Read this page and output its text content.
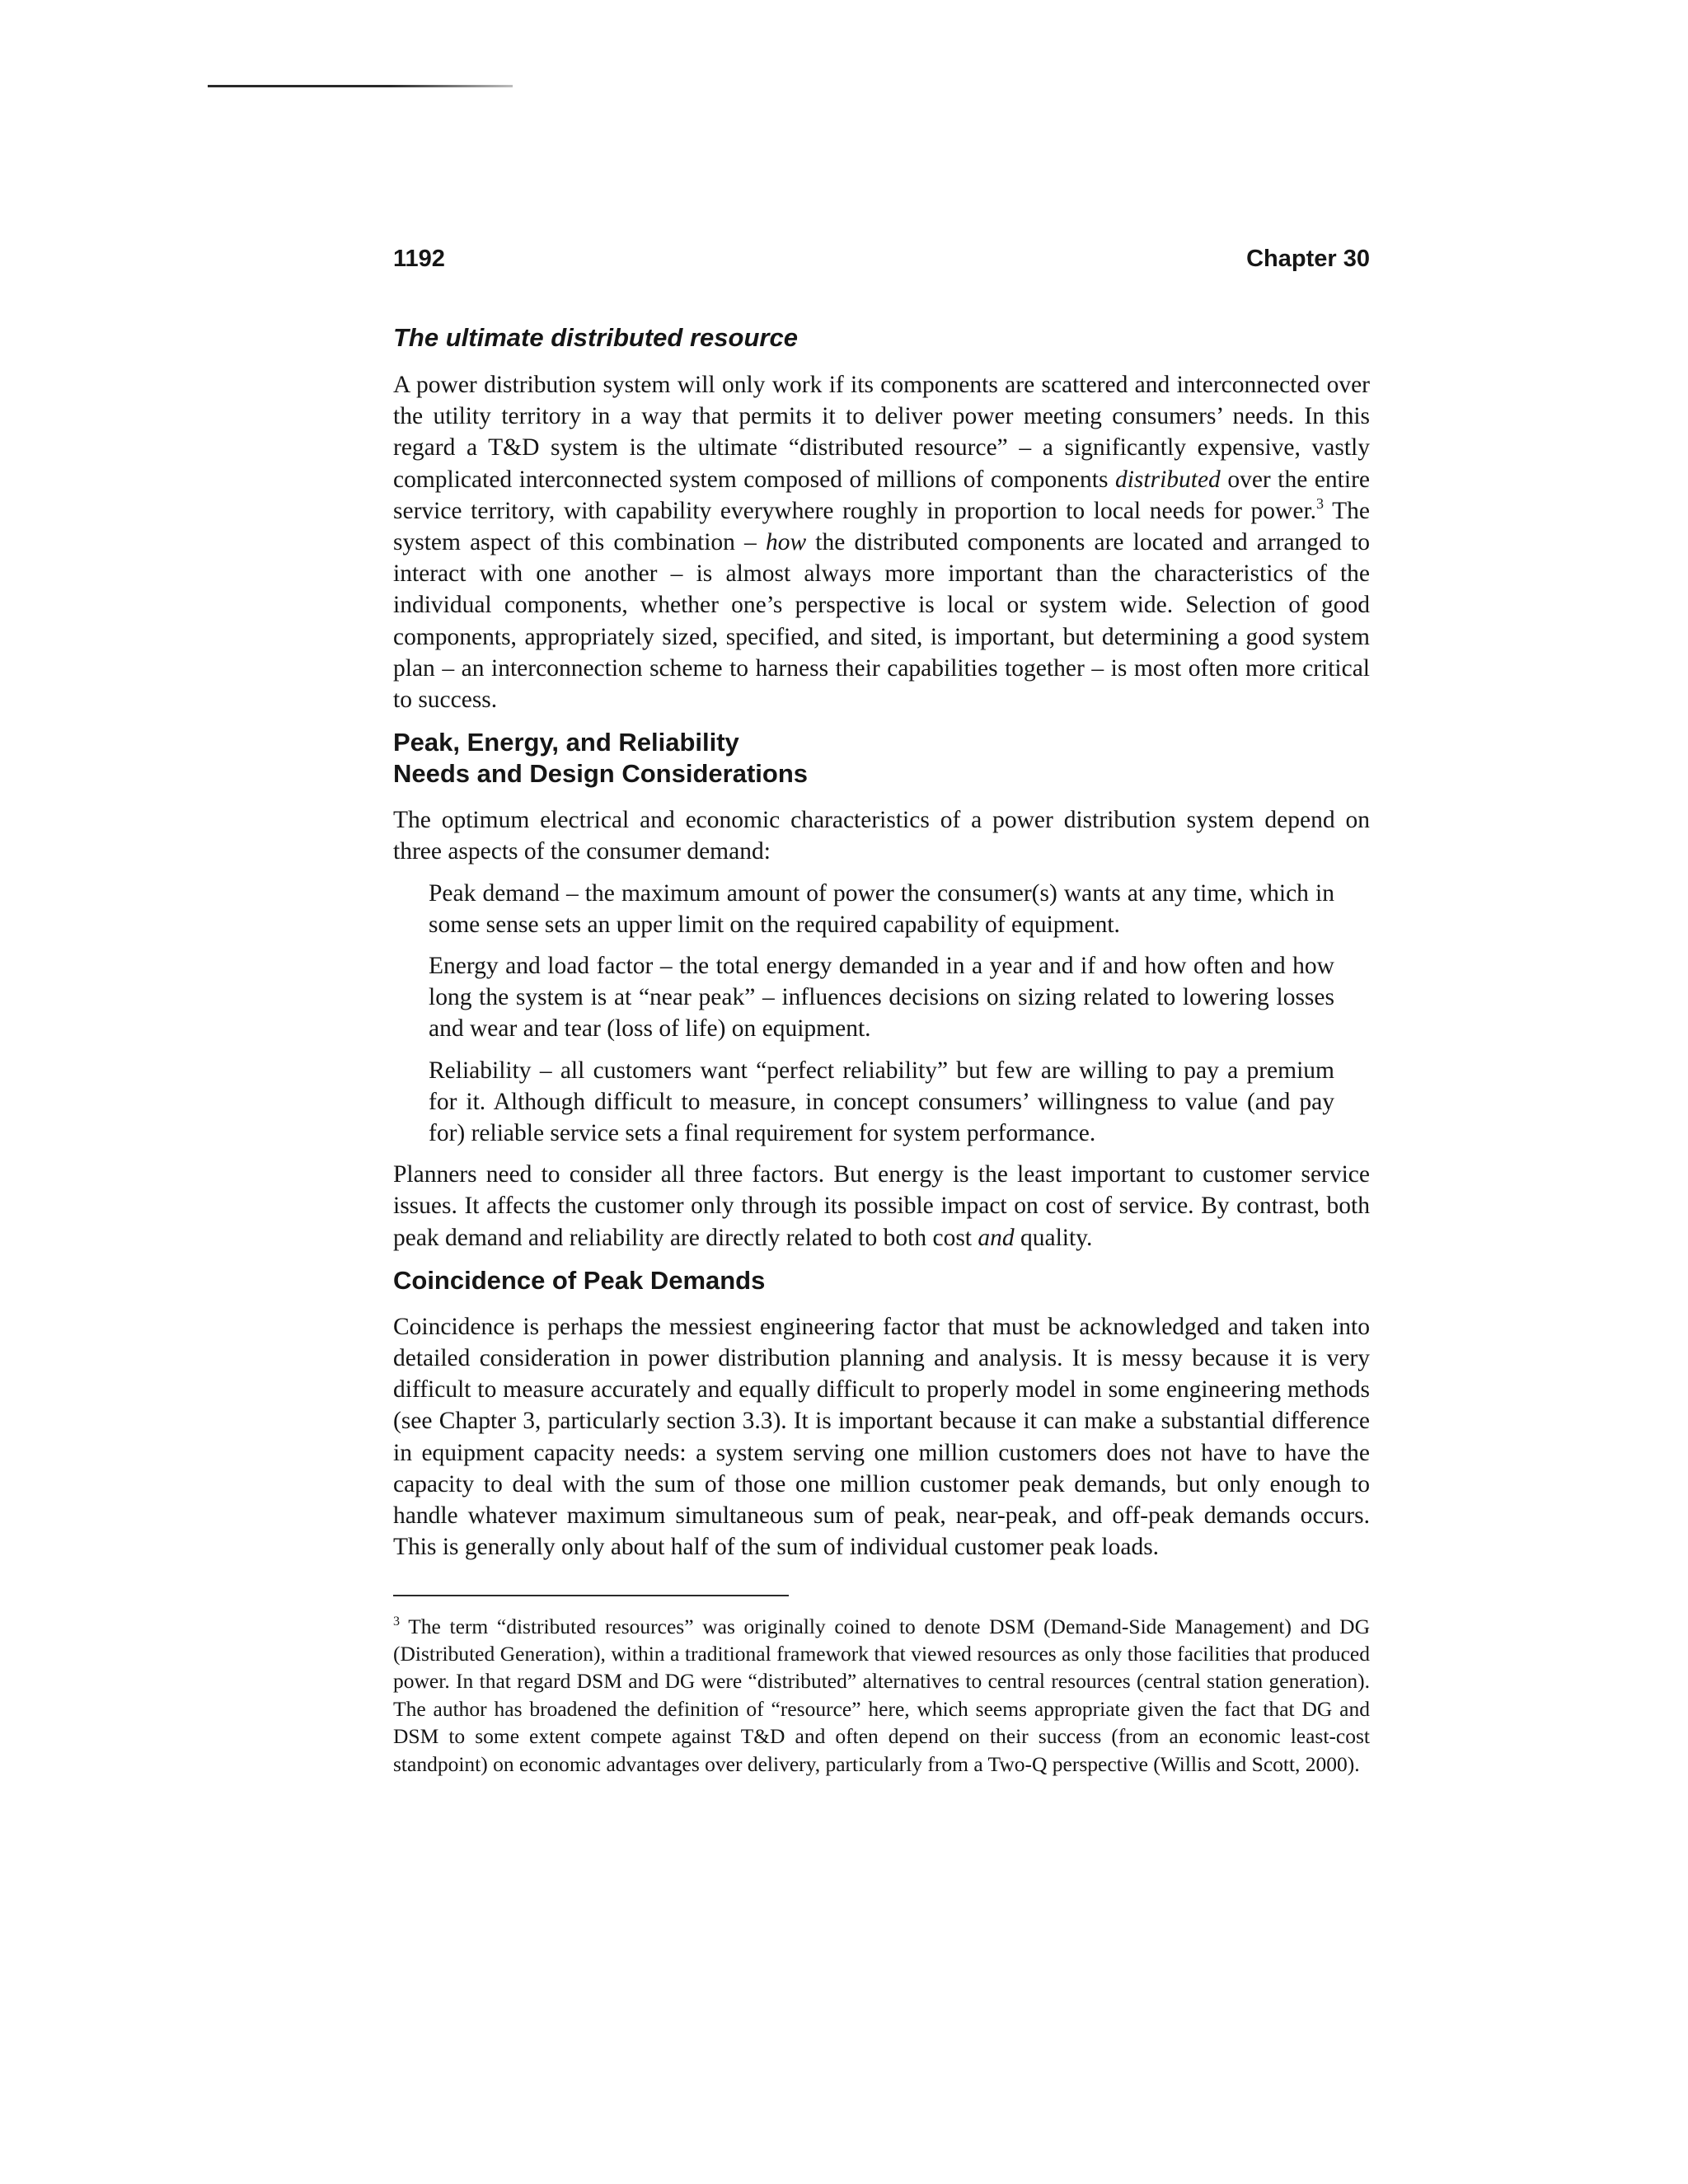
1192	Chapter 30
The ultimate distributed resource

A power distribution system will only work if its components are scattered and interconnected over the utility territory in a way that permits it to deliver power meeting consumers’ needs. In this regard a T&D system is the ultimate “distributed resource” – a significantly expensive, vastly complicated interconnected system composed of millions of components distributed over the entire service territory, with capability everywhere roughly in proportion to local needs for power.$^3$ The system aspect of this combination – how the distributed components are located and arranged to interact with one another – is almost always more important than the characteristics of the individual components, whether one’s perspective is local or system wide. Selection of good components, appropriately sized, specified, and sited, is important, but determining a good system plan – an interconnection scheme to harness their capabilities together – is most often more critical to success.

Peak, Energy, and Reliability
Needs and Design Considerations

The optimum electrical and economic characteristics of a power distribution system depend on three aspects of the consumer demand:

Peak demand – the maximum amount of power the consumer(s) wants at any time, which in some sense sets an upper limit on the required capability of equipment.

Energy and load factor – the total energy demanded in a year and if and how often and how long the system is at “near peak” – influences decisions on sizing related to lowering losses and wear and tear (loss of life) on equipment.

Reliability – all customers want “perfect reliability” but few are willing to pay a premium for it. Although difficult to measure, in concept consumers’ willingness to value (and pay for) reliable service sets a final requirement for system performance.

Planners need to consider all three factors. But energy is the least important to customer service issues. It affects the customer only through its possible impact on cost of service. By contrast, both peak demand and reliability are directly related to both cost and quality.

Coincidence of Peak Demands

Coincidence is perhaps the messiest engineering factor that must be acknowledged and taken into detailed consideration in power distribution planning and analysis. It is messy because it is very difficult to measure accurately and equally difficult to properly model in some engineering methods (see Chapter 3, particularly section 3.3). It is important because it can make a substantial difference in equipment capacity needs: a system serving one million customers does not have to have the capacity to deal with the sum of those one million customer peak demands, but only enough to handle whatever maximum simultaneous sum of peak, near-peak, and off-peak demands occurs. This is generally only about half of the sum of individual customer peak loads.

$^3$ The term “distributed resources” was originally coined to denote DSM (Demand-Side Management) and DG (Distributed Generation), within a traditional framework that viewed resources as only those facilities that produced power. In that regard DSM and DG were “distributed” alternatives to central resources (central station generation). The author has broadened the definition of “resource” here, which seems appropriate given the fact that DG and DSM to some extent compete against T&D and often depend on their success (from an economic least-cost standpoint) on economic advantages over delivery, particularly from a Two-Q perspective (Willis and Scott, 2000).
